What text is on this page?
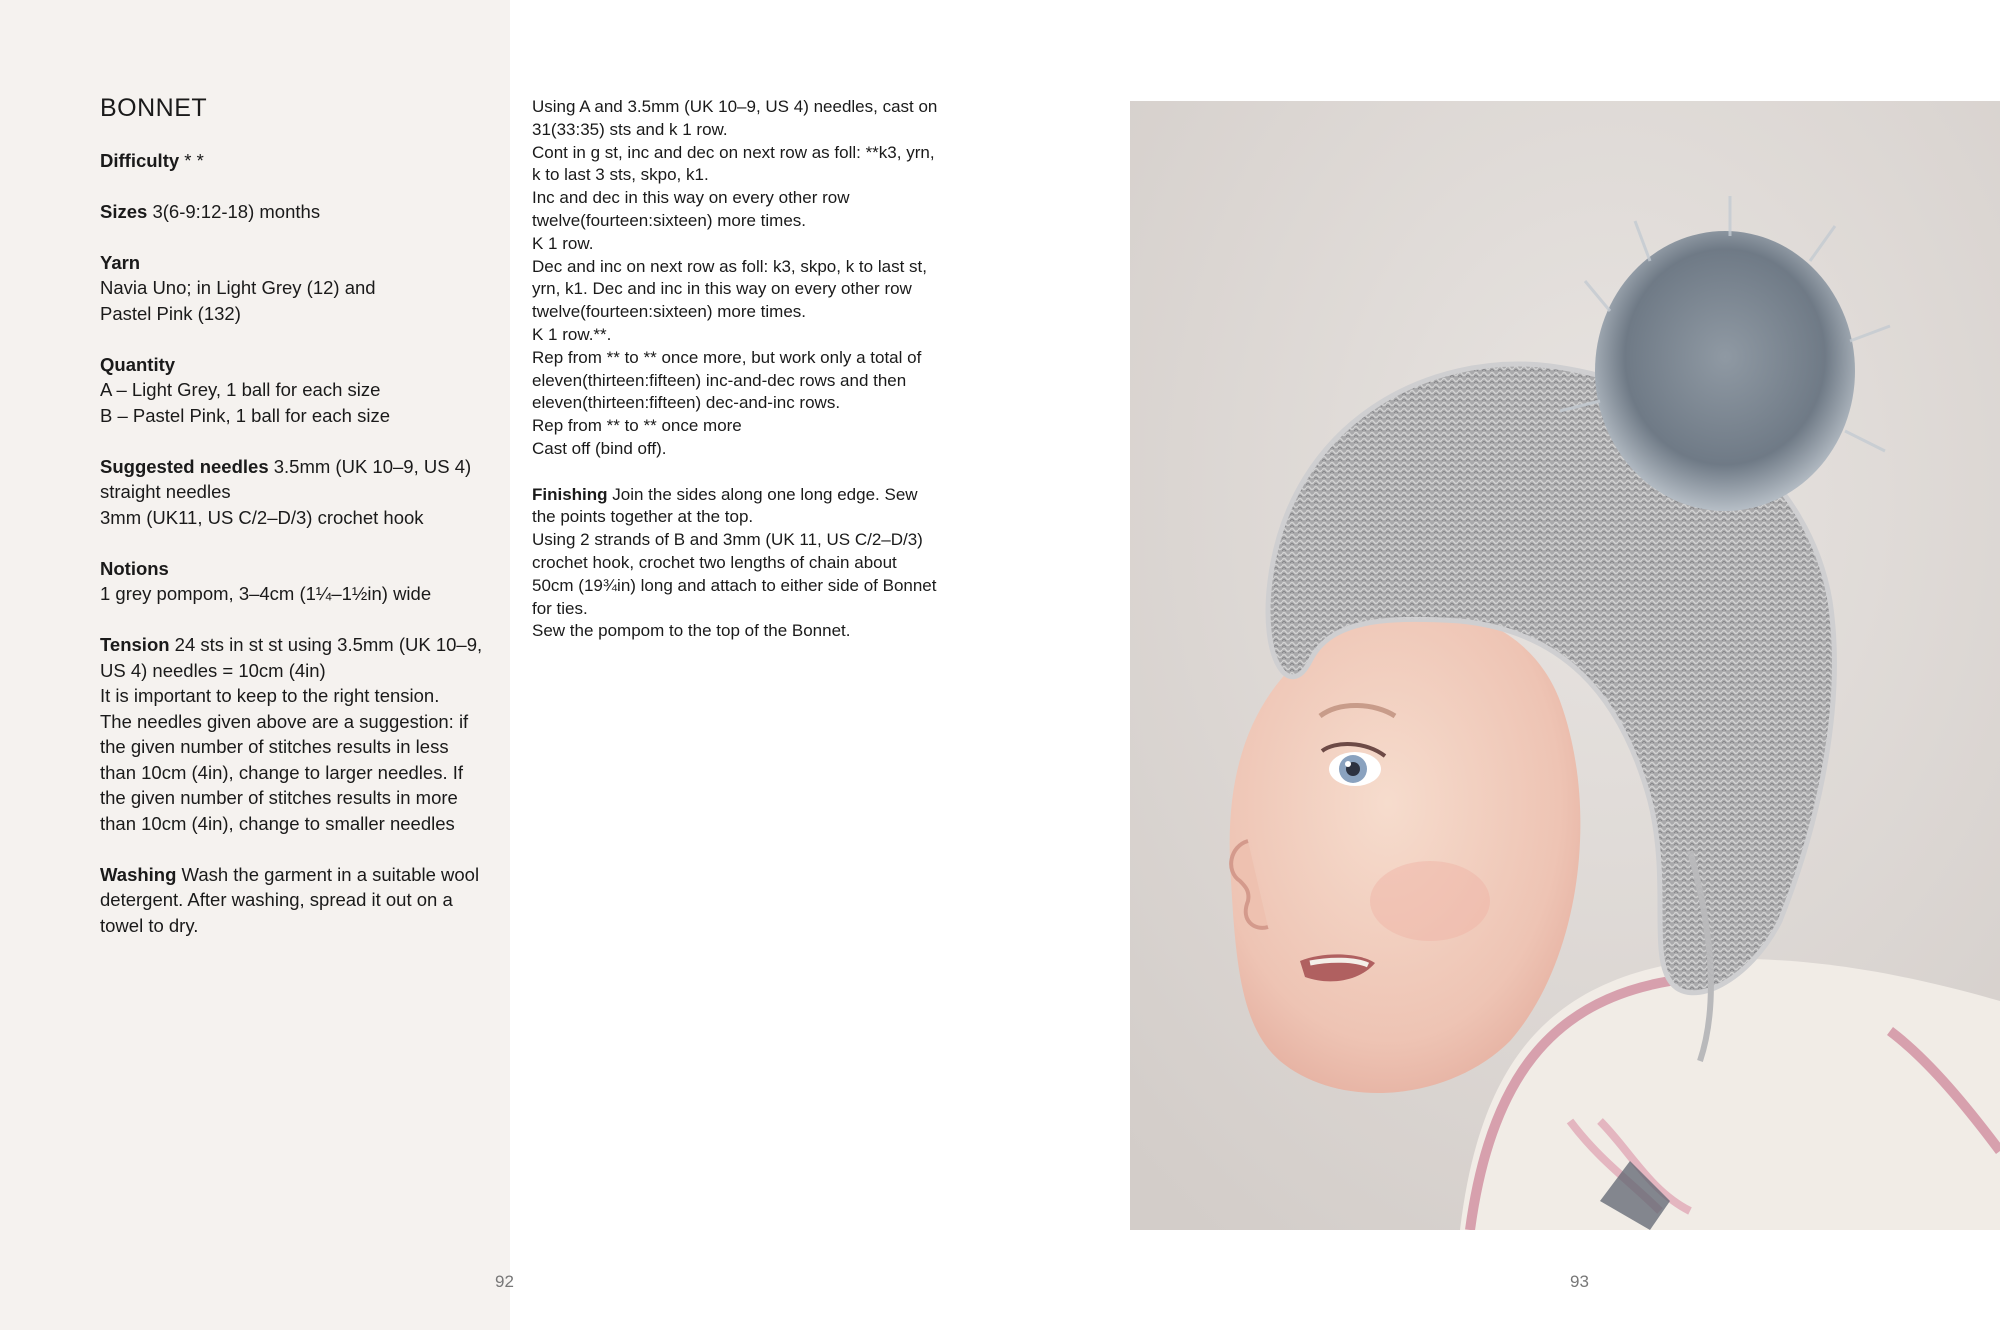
BONNET

Difficulty * *

Sizes 3(6-9:12-18) months

Yarn

Navia Uno; in Light Grey (12) and

Pastel Pink (132)

Quantity

A – Light Grey, 1 ball for each size

B – Pastel Pink, 1 ball for each size

Suggested needles 3.5mm (UK 10–9, US 4)

straight needles

3mm (UK11, US C/2–D/3) crochet hook

Notions

1 grey pompom, 3–4cm (1¼–1½in) wide

Tension 24 sts in st st using 3.5mm (UK 10–9,

US 4) needles = 10cm (4in)

It is important to keep to the right tension.

The needles given above are a suggestion: if

the given number of stitches results in less

than 10cm (4in), change to larger needles. If

the given number of stitches results in more

than 10cm (4in), change to smaller needles

Washing Wash the garment in a suitable wool

detergent. After washing, spread it out on a

towel to dry.

Using A and 3.5mm (UK 10–9, US 4) needles, cast on

31(33:35) sts and k 1 row.

Cont in g st, inc and dec on next row as foll: **k3, yrn,

k to last 3 sts, skpo, k1.

Inc and dec in this way on every other row

twelve(fourteen:sixteen) more times.

K 1 row.

Dec and inc on next row as foll: k3, skpo, k to last st,

yrn, k1. Dec and inc in this way on every other row

twelve(fourteen:sixteen) more times.

K 1 row.**.

Rep from ** to ** once more, but work only a total of

eleven(thirteen:fifteen) inc-and-dec rows and then

eleven(thirteen:fifteen) dec-and-inc rows.

Rep from ** to ** once more

Cast off (bind off).

Finishing Join the sides along one long edge. Sew

the points together at the top.

Using 2 strands of B and 3mm (UK 11, US C/2–D/3)

crochet hook, crochet two lengths of chain about

50cm (19¾in) long and attach to either side of Bonnet

for ties.

Sew the pompom to the top of the Bonnet.

92	93
